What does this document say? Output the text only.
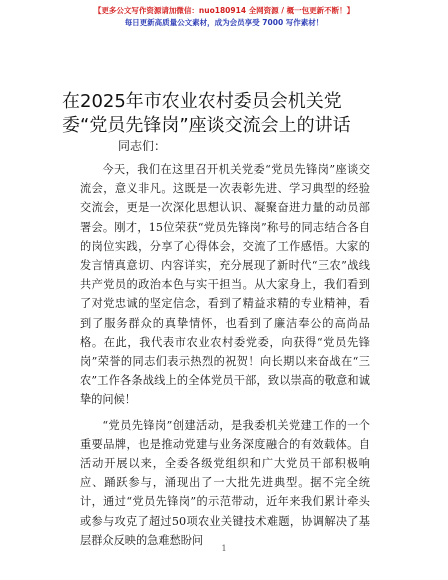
【更多公文写作资源请加微信：nuo180914 全网资源 / 概一包更新不断！】
每日更新高质量公文素材，成为会员享受 7000 写作素材！
在2025年市农业农村委员会机关党委“党员先锋岗”座谈交流会上的讲话
同志们：

今天，我们在这里召开机关党委“党员先锋岗”座谈交流会，意义非凡。这既是一次表彰先进、学习典型的经验交流会，更是一次深化思想认识、凝聚奋进力量的动员部署会。刚才，15位荣获“党员先锋岗”称号的同志结合各自的岗位实践，分享了心得体会，交流了工作感悟。大家的发言情真意切、内容详实，充分展现了新时代“三农”战线共产党员的政治本色与实干担当。从大家身上，我们看到了对党忠诚的坚定信念，看到了精益求精的专业精神，看到了服务群众的真挚情怀，也看到了廉洁奉公的高尚品格。在此，我代表市农业农村委党委，向获得“党员先锋岗”荣誉的同志们表示热烈的祝贺！向长期以来奋战在“三农”工作各条战线上的全体党员干部，致以崇高的敬意和诚挚的问候！

“党员先锋岗”创建活动，是我委机关党建工作的一个重要品牌，也是推动党建与业务深度融合的有效载体。自活动开展以来，全委各级党组织和广大党员干部积极响应、踊跃参与，涌现出了一大批先进典型。据不完全统计，通过“党员先锋岗”的示范带动，近年来我们累计牵头或参与攻克了超过50项农业关键技术难题，协调解决了基层群众反映的急难愁盼问

1
